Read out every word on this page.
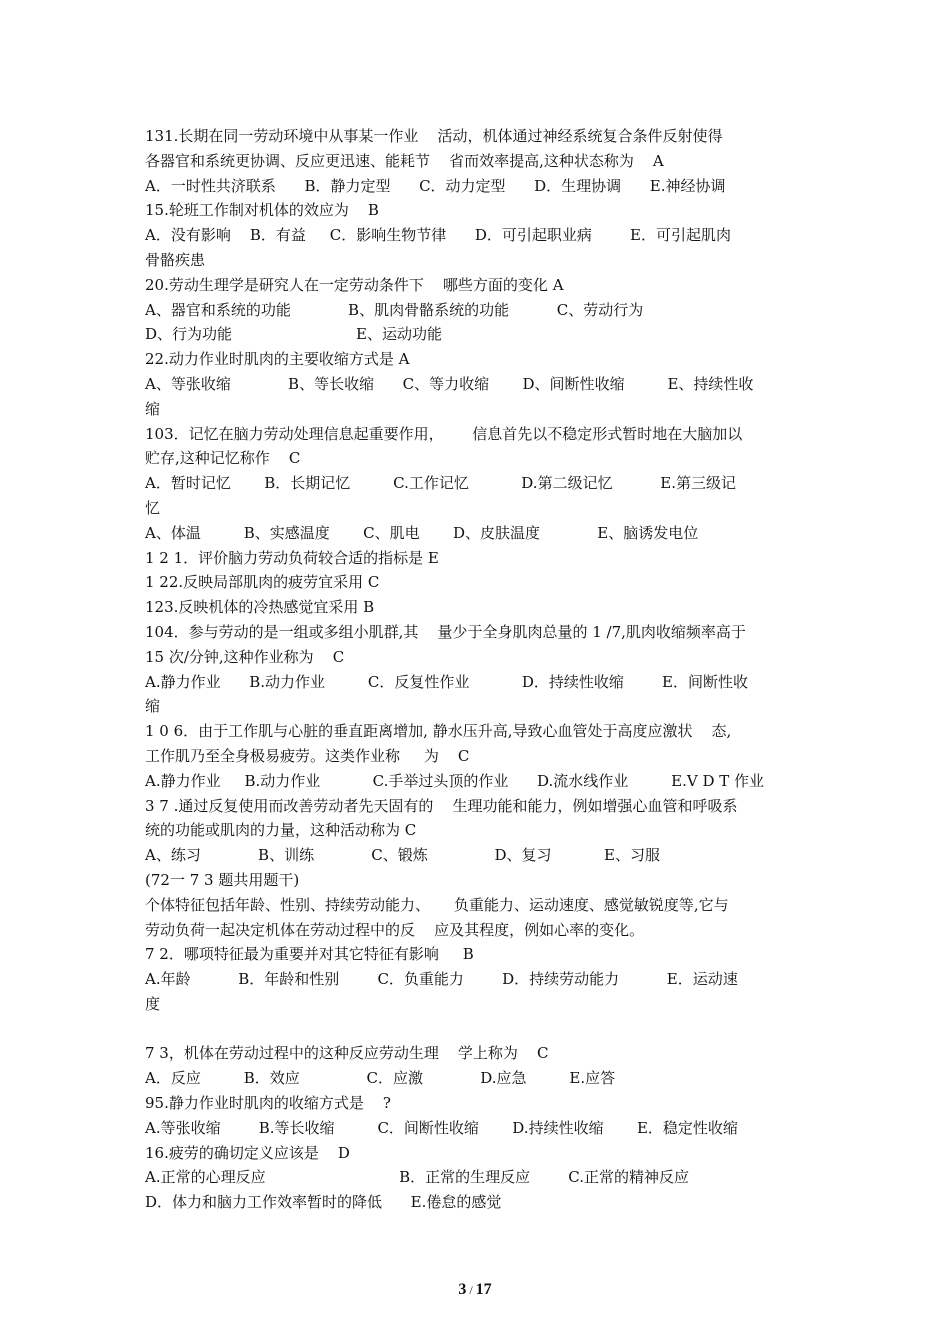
131.长期在同一劳动环境中从事某一作业    活动，机体通过神经系统复合条件反射使得
各器官和系统更协调、反应更迅速、能耗节    省而效率提高,这种状态称为    A
A．一时性共济联系      B．静力定型      C．动力定型      D．生理协调      E.神经协调
15.轮班工作制对机体的效应为    B
A．没有影响    B．有益     C．影响生物节律      D．可引起职业病        E．可引起肌肉
骨骼疾患
20.劳动生理学是研究人在一定劳动条件下    哪些方面的变化 A
A、器官和系统的功能            B、肌肉骨骼系统的功能          C、劳动行为
D、行为功能                          E、运动功能
22.动力作业时肌肉的主要收缩方式是 A
A、等张收缩            B、等长收缩      C、等力收缩       D、间断性收缩         E、持续性收
缩
103．记忆在脑力劳动处理信息起重要作用，      信息首先以不稳定形式暂时地在大脑加以
贮存,这种记忆称作    C
A．暂时记忆       B．长期记忆         C.工作记忆           D.第二级记忆          E.第三级记
忆
A、体温         B、实感温度       C、肌电       D、皮肤温度            E、脑诱发电位
1 2 1．评价脑力劳动负荷较合适的指标是 E
1 22.反映局部肌肉的疲劳宜采用 C
123.反映机体的冷热感觉宜采用 B
104．参与劳动的是一组或多组小肌群,其    量少于全身肌肉总量的 1 /7,肌肉收缩频率高于
15 次/分钟,这种作业称为    C
A.静力作业      B.动力作业         C．反复性作业           D．持续性收缩        E．间断性收
缩
1 0 6．由于工作肌与心脏的垂直距离增加, 静水压升高,导致心血管处于高度应激状    态,
工作肌乃至全身极易疲劳。这类作业称     为    C
A.静力作业     B.动力作业           C.手举过头顶的作业      D.流水线作业         E.V D T 作业
3 7 .通过反复使用而改善劳动者先天固有的    生理功能和能力，例如增强心血管和呼吸系
统的功能或肌肉的力量，这种活动称为 C
A、练习            B、训练            C、锻炼              D、复习           E、习服
(72一 7 3 题共用题干)
个体特征包括年龄、性别、持续劳动能力、     负重能力、运动速度、感觉敏锐度等,它与
劳动负荷一起决定机体在劳动过程中的反    应及其程度，例如心率的变化。
7 2．哪项特征最为重要并对其它特征有影响     B
A.年龄          B．年龄和性别        C．负重能力        D．持续劳动能力          E．运动速
度
7 3，机体在劳动过程中的这种反应劳动生理    学上称为    C
A．反应         B．效应              C．应激            D.应急         E.应答
95.静力作业时肌肉的收缩方式是    ?
A.等张收缩        B.等长收缩         C．间断性收缩       D.持续性收缩       E．稳定性收缩
16.疲劳的确切定义应该是    D
A.正常的心理反应                            B．正常的生理反应        C.正常的精神反应
D．体力和脑力工作效率暂时的降低      E.倦怠的感觉
3 / 17
